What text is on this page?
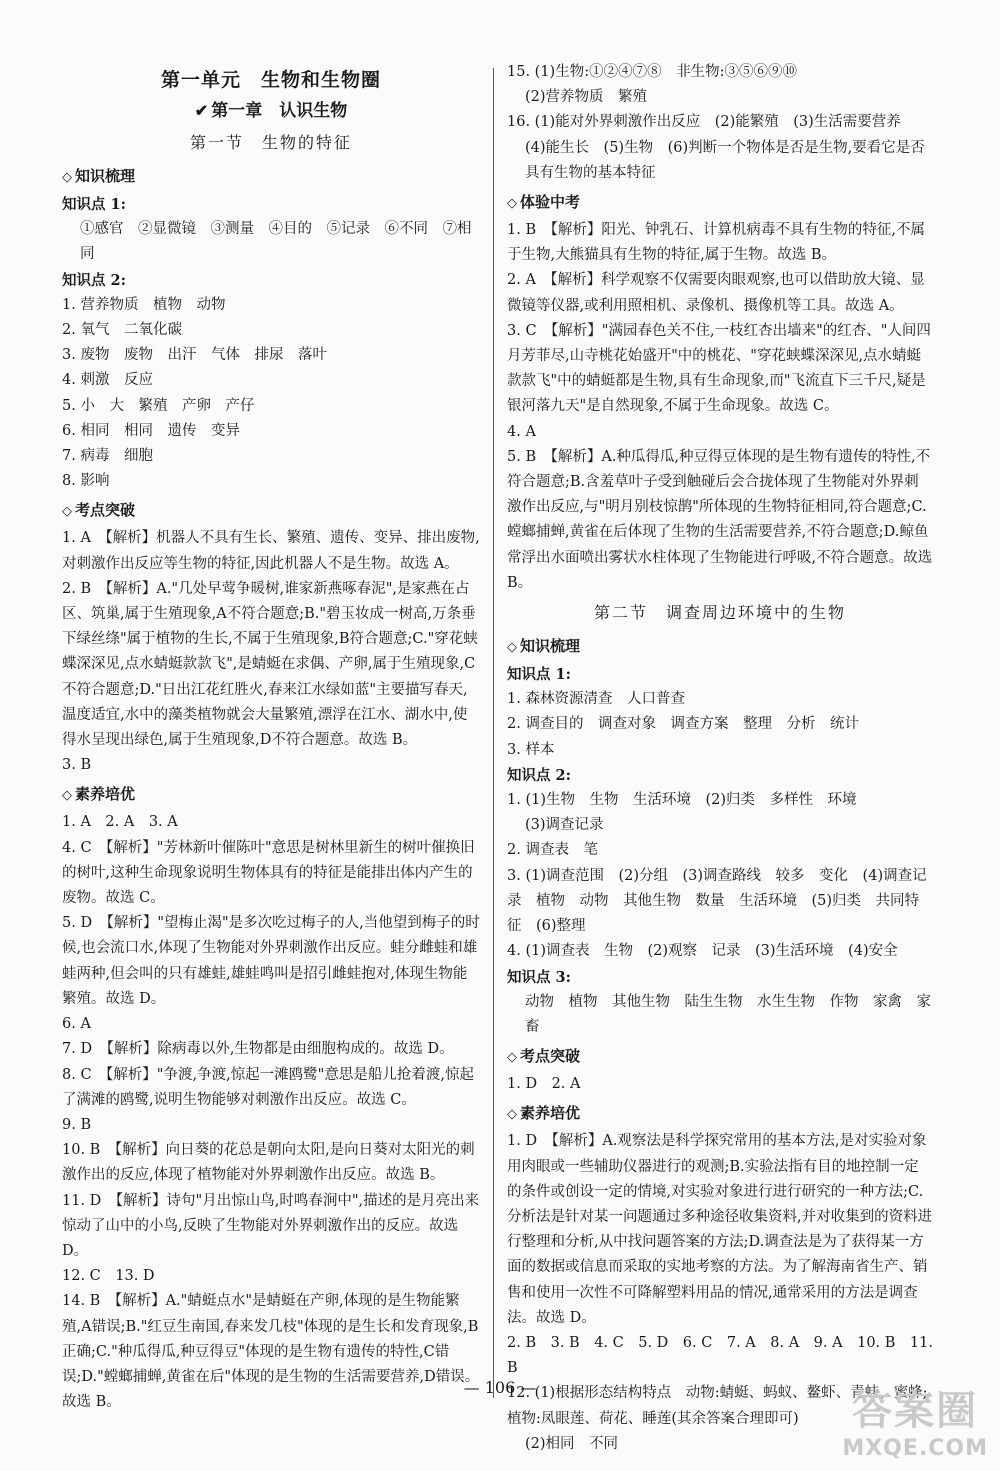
第一单元　生物和生物圈
✔ 第一章　认识生物
第一节　生物的特征
◇ 知识梳理
知识点 1:
①感官　②显微镜　③测量　④目的　⑤记录　⑥不同　⑦相同
知识点 2:
1. 营养物质　植物　动物
2. 氧气　二氧化碳
3. 废物　废物　出汗　气体　排尿　落叶
4. 刺激　反应
5. 小　大　繁殖　产卵　产仔
6. 相同　相同　遗传　变异
7. 病毒　细胞
8. 影响
◇ 考点突破
1. A　【解析】机器人不具有生长、繁殖、遗传、变异、排出废物,对刺激作出反应等生物的特征,因此机器人不是生物。故选 A。
2. B　【解析】A."几处早莺争暖树,谁家新燕啄春泥",是家燕在占区、筑巢,属于生殖现象,A不符合题意;B."碧玉妆成一树高,万条垂下绿丝绦"属于植物的生长,不属于生殖现象,B符合题意;C."穿花蛱蝶深深见,点水蜻蜓款款飞",是蜻蜓在求偶、产卵,属于生殖现象,C不符合题意;D."日出江花红胜火,春来江水绿如蓝"主要描写春天,温度适宜,水中的藻类植物就会大量繁殖,漂浮在江水、湖水中,使得水呈现出绿色,属于生殖现象,D不符合题意。故选 B。
3. B
◇ 素养培优
1. A　2. A　3. A
4. C　【解析】"芳林新叶催陈叶"意思是树林里新生的树叶催换旧的树叶,这种生命现象说明生物体具有的特征是能排出体内产生的废物。故选 C。
5. D　【解析】"望梅止渴"是多次吃过梅子的人,当他望到梅子的时候,也会流口水,体现了生物能对外界刺激作出反应。蛙分雌蛙和雄蛙两种,但会叫的只有雄蛙,雄蛙鸣叫是招引雌蛙抱对,体现生物能繁殖。故选 D。
6. A
7. D　【解析】除病毒以外,生物都是由细胞构成的。故选 D。
8. C　【解析】"争渡,争渡,惊起一滩鸥鹭"意思是船儿抢着渡,惊起了满滩的鸥鹭,说明生物能够对刺激作出反应。故选 C。
9. B
10. B　【解析】向日葵的花总是朝向太阳,是向日葵对太阳光的刺激作出的反应,体现了植物能对外界刺激作出反应。故选 B。
11. D　【解析】诗句"月出惊山鸟,时鸣春涧中",描述的是月亮出来惊动了山中的小鸟,反映了生物能对外界刺激作出的反应。故选 D。
12. C　13. D
14. B　【解析】A."蜻蜓点水"是蜻蜓在产卵,体现的是生物能繁殖,A错误;B."红豆生南国,春来发几枝"体现的是生长和发育现象,B正确;C."种瓜得瓜,种豆得豆"体现的是生物有遗传的特性,C错误;D."螳螂捕蝉,黄雀在后"体现的是生物的生活需要营养,D错误。故选 B。
15. (1)生物:①②④⑦⑧　非生物:③⑤⑥⑨⑩
(2)营养物质　繁殖
16. (1)能对外界刺激作出反应　(2)能繁殖　(3)生活需要营养
(4)能生长　(5)生物　(6)判断一个物体是否是生物,要看它是否具有生物的基本特征
◇ 体验中考
1. B　【解析】阳光、钟乳石、计算机病毒不具有生物的特征,不属于生物,大熊猫具有生物的特征,属于生物。故选 B。
2. A　【解析】科学观察不仅需要肉眼观察,也可以借助放大镜、显微镜等仪器,或利用照相机、录像机、摄像机等工具。故选 A。
3. C　【解析】"满园春色关不住,一枝红杏出墙来"的红杏、"人间四月芳菲尽,山寺桃花始盛开"中的桃花、"穿花蛱蝶深深见,点水蜻蜓款款飞"中的蜻蜓都是生物,具有生命现象,而"飞流直下三千尺,疑是银河落九天"是自然现象,不属于生命现象。故选 C。
4. A
5. B　【解析】A.种瓜得瓜,种豆得豆体现的是生物有遗传的特性,不符合题意;B.含羞草叶子受到触碰后会合拢体现了生物能对外界刺激作出反应,与"明月别枝惊鹊"所体现的生物特征相同,符合题意;C.螳螂捕蝉,黄雀在后体现了生物的生活需要营养,不符合题意;D.鲸鱼常浮出水面喷出雾状水柱体现了生物能进行呼吸,不符合题意。故选 B。
第二节　调查周边环境中的生物
◇ 知识梳理
知识点 1:
1. 森林资源清查　人口普查
2. 调查目的　调查对象　调查方案　整理　分析　统计
3. 样本
知识点 2:
1. (1)生物　生物　生活环境　(2)归类　多样性　环境
(3)调查记录
2. 调查表　笔
3. (1)调查范围　(2)分组　(3)调查路线　较多　变化　(4)调查记录　植物　动物　其他生物　数量　生活环境　(5)归类　共同特征　(6)整理
4. (1)调查表　生物　(2)观察　记录　(3)生活环境　(4)安全
知识点 3:
动物　植物　其他生物　陆生生物　水生生物　作物　家禽　家畜
◇ 考点突破
1. D　2. A
◇ 素养培优
1. D　【解析】A.观察法是科学探究常用的基本方法,是对实验对象用肉眼或一些辅助仪器进行的观测;B.实验法指有目的地控制一定的条件或创设一定的情境,对实验对象进行进行研究的一种方法;C.分析法是针对某一问题通过多种途径收集资料,并对收集到的资料进行整理和分析,从中找问题答案的方法;D.调查法是为了获得某一方面的数据或信息而采取的实地考察的方法。为了解海南省生产、销售和使用一次性不可降解塑料用品的情况,通常采用的方法是调查法。故选 D。
2. B　3. B　4. C　5. D　6. C　7. A　8. A　9. A　10. B　11. B
12. (1)根据形态结构特点　动物:蜻蜓、蚂蚁、鳌虾、青蛙、蜜蜂;植物:凤眼莲、荷花、睡莲(其余答案合理即可)
(2)相同　不同
— 106 —
答案圈
MXQE.COM
